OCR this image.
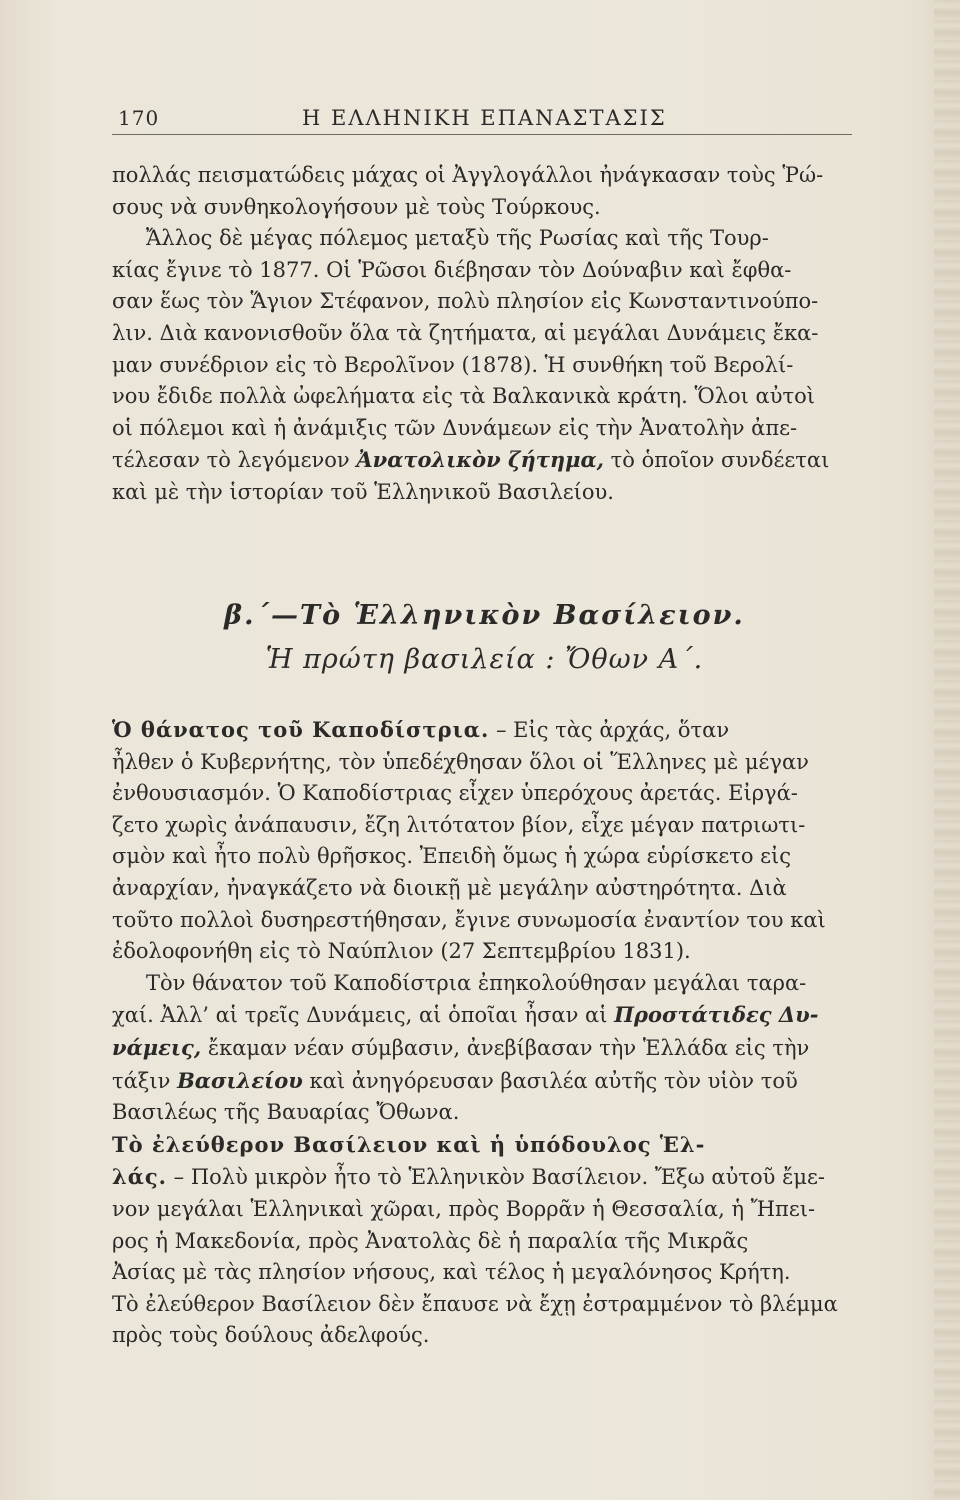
170	Η ΕΛΛΗΝΙΚΗ ΕΠΑΝΑΣΤΑΣΙΣ
πολλάς πεισματώδεις μάχας οἱ Ἀγγλογάλλοι ἠνάγκασαν τοὺς Ῥώ-
σους νὰ συνθηκολογήσουν μὲ τοὺς Τούρκους.
Ἄλλος δὲ μέγας πόλεμος μεταξὺ τῆς Ρωσίας καὶ τῆς Τουρ-
κίας ἔγινε τὸ 1877. Οἱ Ῥῶσοι διέβησαν τὸν Δούναβιν καὶ ἔφθα-
σαν ἕως τὸν Ἅγιον Στέφανον, πολὺ πλησίον εἰς Κωνσταντινούπο-
λιν. Διὰ κανονισθοῦν ὅλα τὰ ζητήματα, αἱ μεγάλαι Δυνάμεις ἔκα-
μαν συνέδριον εἰς τὸ Βερολῖνον (1878). Ἡ συνθήκη τοῦ Βερολί-
νου ἔδιδε πολλὰ ὠφελήματα εἰς τὰ Βαλκανικὰ κράτη. Ὅλοι αὐτοὶ
οἱ πόλεμοι καὶ ἡ ἀνάμιξις τῶν Δυνάμεων εἰς τὴν Ἀνατολὴν ἀπε-
τέλεσαν τὸ λεγόμενον Ἀνατολικὸν ζήτημα, τὸ ὁποῖον συνδέεται
καὶ μὲ τὴν ἱστορίαν τοῦ Ἑλληνικοῦ Βασιλείου.
β.΄—Τὸ Ἑλληνικὸν Βασίλειον.
Ἡ πρώτη βασιλεία : Ὄθων Α΄.
Ὁ θάνατος τοῦ Καποδίστρια. – Εἰς τὰς ἀρχάς, ὅταν
ἦλθεν ὁ Κυβερνήτης, τὸν ὑπεδέχθησαν ὅλοι οἱ Ἕλληνες μὲ μέγαν
ἐνθουσιασμόν. Ὁ Καποδίστριας εἶχεν ὑπερόχους ἀρετάς. Εἰργά-
ζετο χωρὶς ἀνάπαυσιν, ἔζη λιτότατον βίον, εἶχε μέγαν πατριωτι-
σμὸν καὶ ἦτο πολὺ θρῆσκος. Ἐπειδὴ ὅμως ἡ χώρα εὑρίσκετο εἰς
ἀναρχίαν, ἠναγκάζετο νὰ διοικῇ μὲ μεγάλην αὐστηρότητα. Διὰ
τοῦτο πολλοὶ δυσηρεστήθησαν, ἔγινε συνωμοσία ἐναντίον του καὶ
ἐδολοφονήθη εἰς τὸ Ναύπλιον (27 Σεπτεμβρίου 1831).
Τὸν θάνατον τοῦ Καποδίστρια ἐπηκολούθησαν μεγάλαι ταρα-
χαί. Ἀλλ’ αἱ τρεῖς Δυνάμεις, αἱ ὁποῖαι ἦσαν αἱ Προστάτιδες Δυ-
νάμεις, ἔκαμαν νέαν σύμβασιν, ἀνεβίβασαν τὴν Ἑλλάδα εἰς τὴν
τάξιν Βασιλείου καὶ ἀνηγόρευσαν βασιλέα αὐτῆς τὸν υἱὸν τοῦ
Βασιλέως τῆς Βαυαρίας Ὄθωνα.
Τὸ ἐλεύθερον Βασίλειον καὶ ἡ ὑπόδουλος Ἑλ-
λάς. – Πολὺ μικρὸν ἦτο τὸ Ἑλληνικὸν Βασίλειον. Ἔξω αὐτοῦ ἔμε-
νον μεγάλαι Ἑλληνικαὶ χῶραι, πρὸς Βορρᾶν ἡ Θεσσαλία, ἡ Ἤπει-
ρος ἡ Μακεδονία, πρὸς Ἀνατολὰς δὲ ἡ παραλία τῆς Μικρᾶς
Ἀσίας μὲ τὰς πλησίον νήσους, καὶ τέλος ἡ μεγαλόνησος Κρήτη.
Τὸ ἐλεύθερον Βασίλειον δὲν ἔπαυσε νὰ ἔχῃ ἐστραμμένον τὸ βλέμμα
πρὸς τοὺς δούλους ἀδελφούς.
